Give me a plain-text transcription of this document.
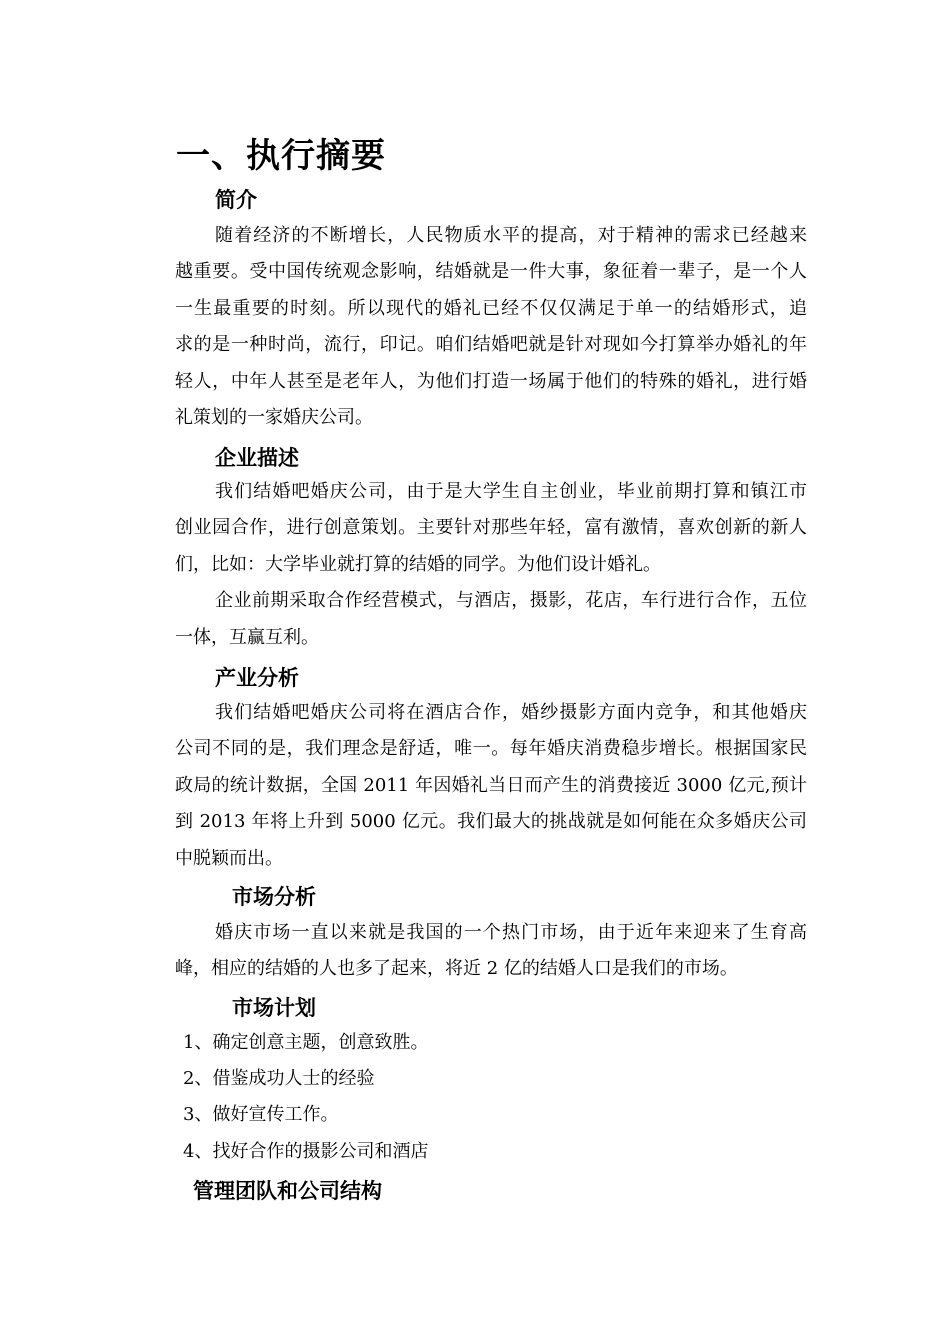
一、执行摘要
简介
随着经济的不断增长，人民物质水平的提高，对于精神的需求已经越来
越重要。受中国传统观念影响，结婚就是一件大事，象征着一辈子，是一个人
一生最重要的时刻。所以现代的婚礼已经不仅仅满足于单一的结婚形式，追
求的是一种时尚，流行，印记。咱们结婚吧就是针对现如今打算举办婚礼的年
轻人，中年人甚至是老年人，为他们打造一场属于他们的特殊的婚礼，进行婚
礼策划的一家婚庆公司。
企业描述
我们结婚吧婚庆公司，由于是大学生自主创业，毕业前期打算和镇江市
创业园合作，进行创意策划。主要针对那些年轻，富有激情，喜欢创新的新人
们，比如：大学毕业就打算的结婚的同学。为他们设计婚礼。
企业前期采取合作经营模式，与酒店，摄影，花店，车行进行合作，五位
一体，互赢互利。
产业分析
我们结婚吧婚庆公司将在酒店合作，婚纱摄影方面内竞争，和其他婚庆
公司不同的是，我们理念是舒适，唯一。每年婚庆消费稳步增长。根据国家民
政局的统计数据，全国 2011 年因婚礼当日而产生的消费接近 3000 亿元,预计
到 2013 年将上升到 5000 亿元。我们最大的挑战就是如何能在众多婚庆公司
中脱颖而出。
市场分析
婚庆市场一直以来就是我国的一个热门市场，由于近年来迎来了生育高
峰，相应的结婚的人也多了起来，将近 2 亿的结婚人口是我们的市场。
市场计划
1、确定创意主题，创意致胜。
2、借鉴成功人士的经验
3、做好宣传工作。
4、找好合作的摄影公司和酒店
管理团队和公司结构
